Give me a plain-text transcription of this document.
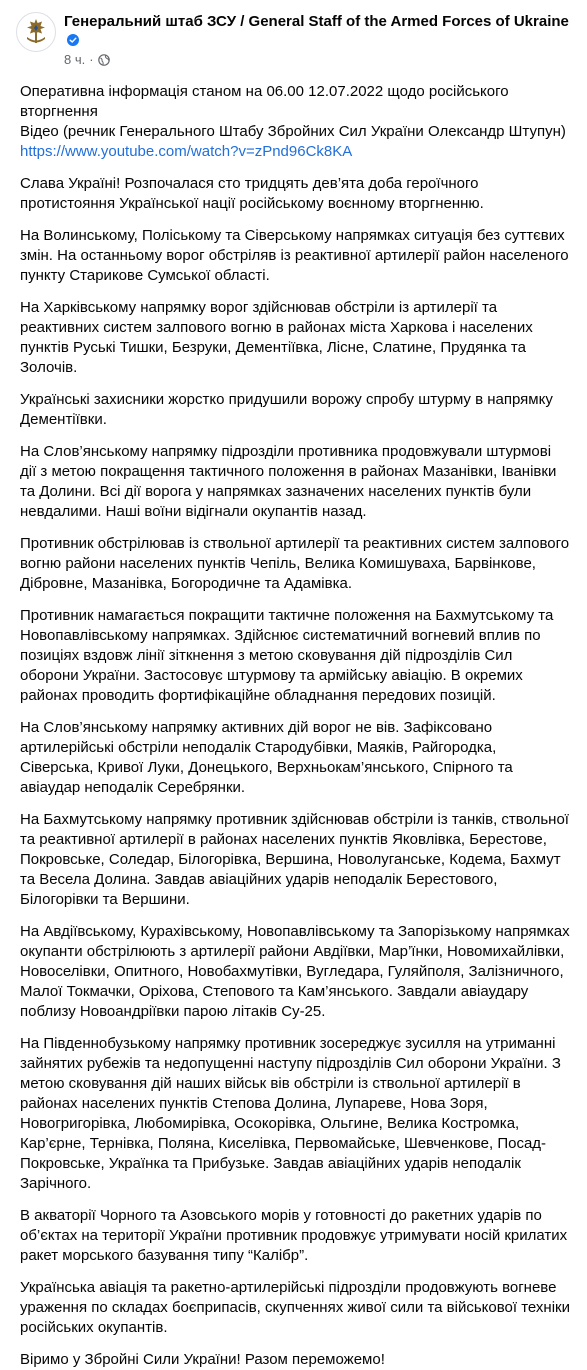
Генеральний штаб ЗСУ / General Staff of the Armed Forces of Ukraine
8 ч. ·
Оперативна інформація станом на 06.00 12.07.2022 щодо російського вторгнення
Відео (речник Генерального Штабу Збройних Сил України Олександр Штупун)
https://www.youtube.com/watch?v=zPnd96Ck8KA
Слава Україні! Розпочалася сто тридцять дев’ята доба героїчного протистояння Української нації російському воєнному вторгненню.
На Волинському, Поліському та Сіверському напрямках ситуація без суттєвих змін. На останньому ворог обстріляв із реактивної артилерії район населеного пункту Старикове Сумської області.
На Харківському напрямку ворог здійснював обстріли із артилерії та реактивних систем залпового вогню в районах міста Харкова і населених пунктів Руські Тишки, Безруки, Дементіївка, Лісне, Слатине, Прудянка та Золочів.
Українські захисники жорстко придушили ворожу спробу штурму в напрямку Дементіївки.
На Слов’янському напрямку підрозділи противника продовжували штурмові дії з метою покращення тактичного положення в районах Мазанівки, Іванівки та Долини. Всі дії ворога у напрямках зазначених населених пунктів були невдалими. Наші воїни відігнали окупантів назад.
Противник обстрілював із ствольної артилерії та реактивних систем залпового вогню райони населених пунктів Чепіль, Велика Комишуваха, Барвінкове, Дібровне, Мазанівка, Богородичне та Адамівка.
Противник намагається покращити тактичне положення на Бахмутському та Новопавлівському напрямках. Здійснює систематичний вогневий вплив по позиціях вздовж лінії зіткнення з метою сковування дій підрозділів Сил оборони України. Застосовує штурмову та армійську авіацію. В окремих районах проводить фортифікаційне обладнання передових позицій.
На Слов’янському напрямку активних дій ворог не вів. Зафіксовано артилерійські обстріли неподалік Стародубівки, Маяків, Райгородка, Сіверська, Кривої Луки, Донецького, Верхньокам’янського, Спірного та авіаудар неподалік Серебрянки.
На Бахмутському напрямку противник здійснював обстріли із танків, ствольної та реактивної артилерії в районах населених пунктів Яковлівка, Берестове, Покровське, Соледар, Білогорівка, Вершина, Новолуганське, Кодема, Бахмут та Весела Долина. Завдав авіаційних ударів неподалік Берестового, Білогорівки та Вершини.
На Авдіївському, Курахівському, Новопавлівському та Запорізькому напрямках окупанти обстрілюють з артилерії райони Авдіївки, Мар’їнки, Новомихайлівки, Новоселівки, Опитного, Новобахмутівки, Вугледара, Гуляйполя, Залізничного, Малої Токмачки, Оріхова, Степового та Кам’янського. Завдали авіаудару поблизу Новоандріївки парою літаків Су-25.
На Південнобузькому напрямку противник зосереджує зусилля на утриманні зайнятих рубежів та недопущенні наступу підрозділів Сил оборони України. З метою сковування дій наших військ вів обстріли із ствольної артилерії в районах населених пунктів Степова Долина, Лупареве, Нова Зоря, Новогригорівка, Любомирівка, Осокорівка, Ольгине, Велика Костромка, Кар’єрне, Тернівка, Поляна, Киселівка, Первомайське, Шевченкове, Посад-Покровське, Українка та Прибузьке. Завдав авіаційних ударів неподалік Зарічного.
В акваторії Чорного та Азовського морів у готовності до ракетних ударів по об’єктах на території України противник продовжує утримувати носій крилатих ракет морського базування типу “Калібр”.
Українська авіація та ракетно-артилерійські підрозділи продовжують вогневе ураження по складах боєприпасів, скупченнях живої сили та військової техніки російських окупантів.
Віримо у Збройні Сили України! Разом переможемо!
